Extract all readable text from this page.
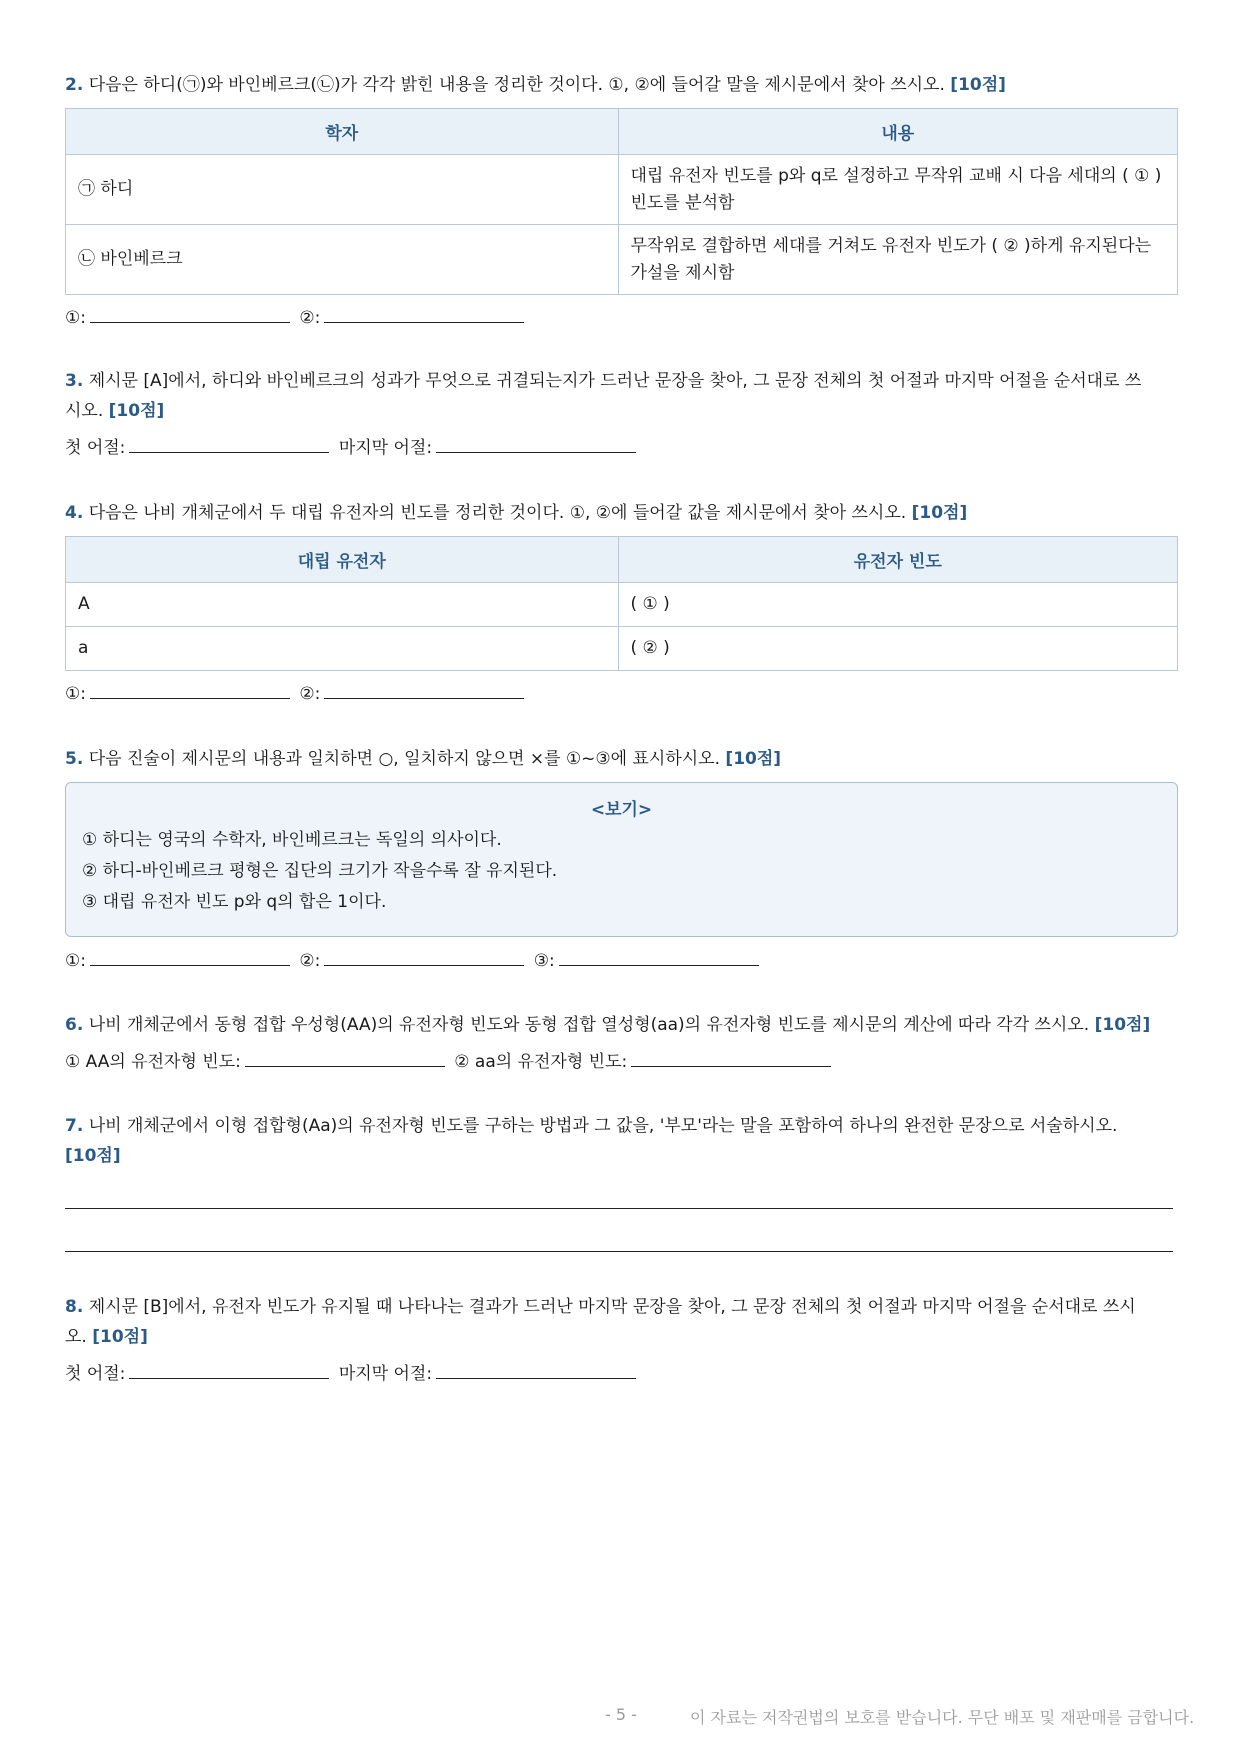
2. 다음은 하디(㉠)와 바인베르크(㉡)가 각각 밝힌 내용을 정리한 것이다. ①, ②에 들어갈 말을 제시문에서 찾아 쓰시오. [10점]
학자	내용
㉠ 하디	대립 유전자 빈도를 p와 q로 설정하고 무작위 교배 시 다음 세대의 ( ① )
빈도를 분석함

㉡ 바인베르크	무작위로 결합하면 세대를 거쳐도 유전자 빈도가 ( ② )하게 유지된다는
가설을 제시함
①:	②:
3. 제시문 [A]에서, 하디와 바인베르크의 성과가 무엇으로 귀결되는지가 드러난 문장을 찾아, 그 문장 전체의 첫 어절과 마지막 어절을 순서대로 쓰
시오. [10점]
첫 어절:	마지막 어절:
4. 다음은 나비 개체군에서 두 대립 유전자의 빈도를 정리한 것이다. ①, ②에 들어갈 값을 제시문에서 찾아 쓰시오. [10점]
대립 유전자	유전자 빈도
A	( ① )
a	( ② )
①:	②:
5. 다음 진술이 제시문의 내용과 일치하면 ○, 일치하지 않으면 ×를 ①~③에 표시하시오. [10점]
<보기>
① 하디는 영국의 수학자, 바인베르크는 독일의 의사이다.
② 하디-바인베르크 평형은 집단의 크기가 작을수록 잘 유지된다.
③ 대립 유전자 빈도 p와 q의 합은 1이다.
①:	②:	③:
6. 나비 개체군에서 동형 접합 우성형(AA)의 유전자형 빈도와 동형 접합 열성형(aa)의 유전자형 빈도를 제시문의 계산에 따라 각각 쓰시오. [10점]
① AA의 유전자형 빈도:	② aa의 유전자형 빈도:
7. 나비 개체군에서 이형 접합형(Aa)의 유전자형 빈도를 구하는 방법과 그 값을, '부모'라는 말을 포함하여 하나의 완전한 문장으로 서술하시오.
[10점]
8. 제시문 [B]에서, 유전자 빈도가 유지될 때 나타나는 결과가 드러난 마지막 문장을 찾아, 그 문장 전체의 첫 어절과 마지막 어절을 순서대로 쓰시
오. [10점]
첫 어절:	마지막 어절:
- 5 -	이 자료는 저작권법의 보호를 받습니다. 무단 배포 및 재판매를 금합니다.
